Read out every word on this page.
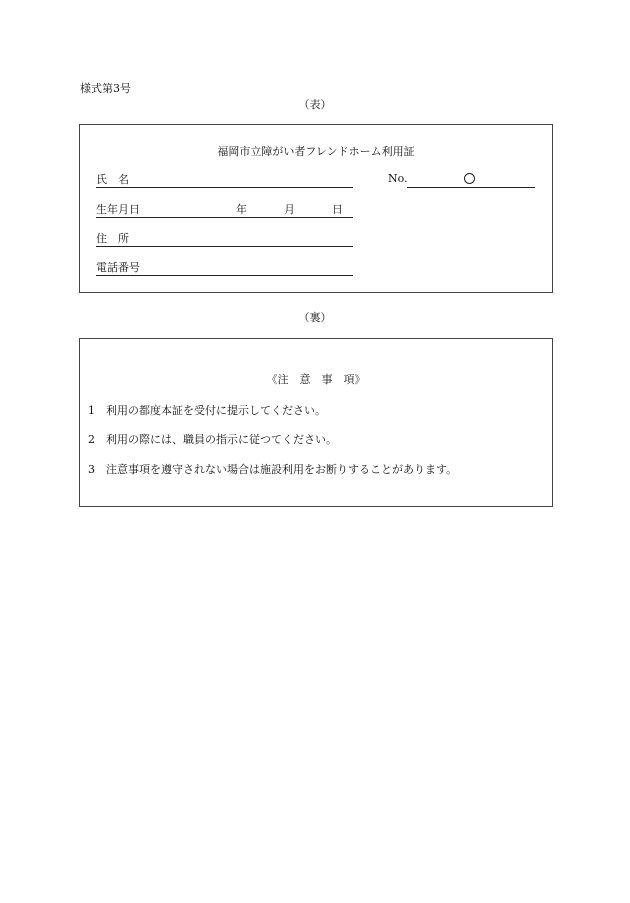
様式第3号
（表）
福岡市立障がい者フレンドホーム利用証
氏　名	No.
生年月日	年	月	日
住　所
電話番号
（裏）
《注　意　事　項》
1　利用の都度本証を受付に提示してください。
2　利用の際には、職員の指示に従つてください。
3　注意事項を遵守されない場合は施設利用をお断りすることがあります。
